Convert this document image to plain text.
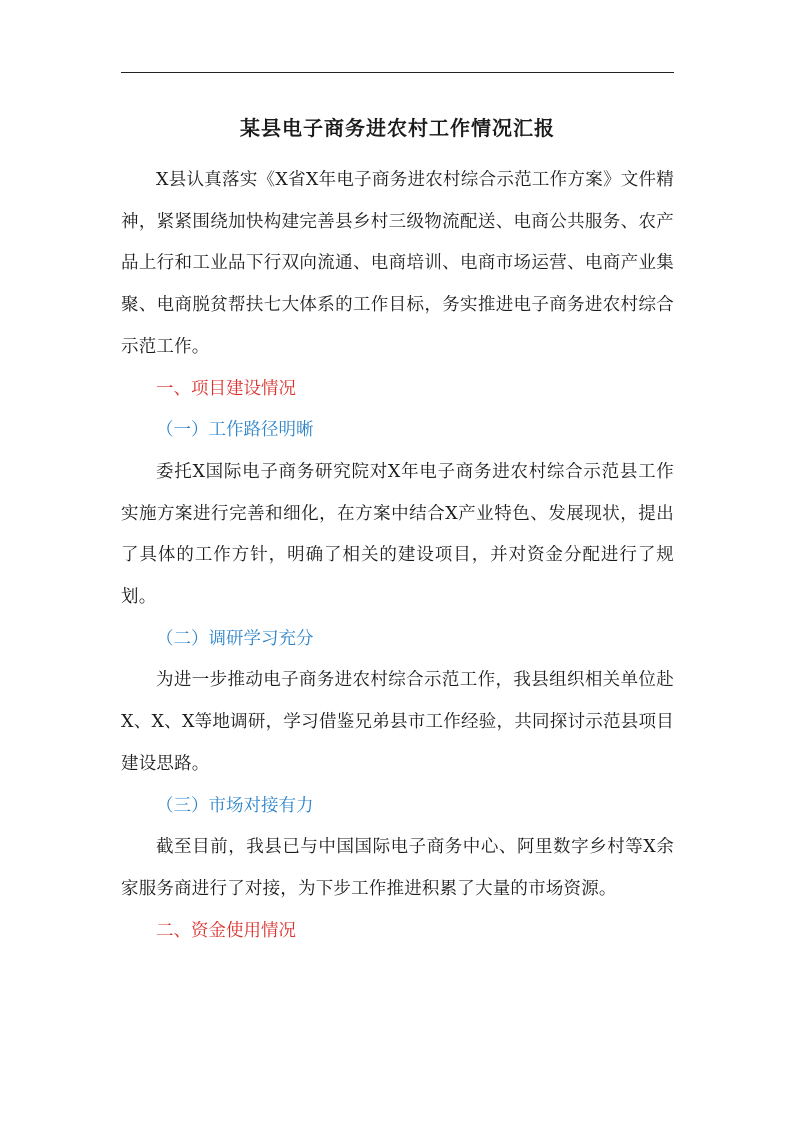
某县电子商务进农村工作情况汇报

X县认真落实《X省X年电子商务进农村综合示范工作方案》文件精神，紧紧围绕加快构建完善县乡村三级物流配送、电商公共服务、农产品上行和工业品下行双向流通、电商培训、电商市场运营、电商产业集聚、电商脱贫帮扶七大体系的工作目标，务实推进电子商务进农村综合示范工作。

一、项目建设情况

（一）工作路径明晰

委托X国际电子商务研究院对X年电子商务进农村综合示范县工作实施方案进行完善和细化，在方案中结合X产业特色、发展现状，提出了具体的工作方针，明确了相关的建设项目，并对资金分配进行了规划。

（二）调研学习充分

为进一步推动电子商务进农村综合示范工作，我县组织相关单位赴X、X、X等地调研，学习借鉴兄弟县市工作经验，共同探讨示范县项目建设思路。

（三）市场对接有力

截至目前，我县已与中国国际电子商务中心、阿里数字乡村等X余家服务商进行了对接，为下步工作推进积累了大量的市场资源。

二、资金使用情况
